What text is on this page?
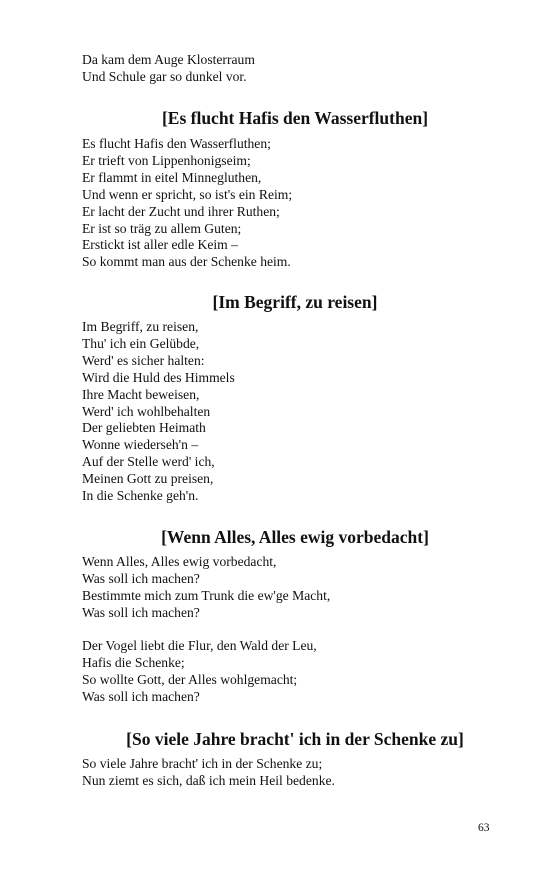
Da kam dem Auge Klosterraum
Und Schule gar so dunkel vor.
[Es flucht Hafis den Wasserfluthen]
Es flucht Hafis den Wasserfluthen;
Er trieft von Lippenhonigseim;
Er flammt in eitel Minnegluthen,
Und wenn er spricht, so ist's ein Reim;
Er lacht der Zucht und ihrer Ruthen;
Er ist so träg zu allem Guten;
Erstickt ist aller edle Keim –
So kommt man aus der Schenke heim.
[Im Begriff, zu reisen]
Im Begriff, zu reisen,
Thu' ich ein Gelübde,
Werd' es sicher halten:
Wird die Huld des Himmels
Ihre Macht beweisen,
Werd' ich wohlbehalten
Der geliebten Heimath
Wonne wiederseh'n –
Auf der Stelle werd' ich,
Meinen Gott zu preisen,
In die Schenke geh'n.
[Wenn Alles, Alles ewig vorbedacht]
Wenn Alles, Alles ewig vorbedacht,
Was soll ich machen?
Bestimmte mich zum Trunk die ew'ge Macht,
Was soll ich machen?
Der Vogel liebt die Flur, den Wald der Leu,
Hafis die Schenke;
So wollte Gott, der Alles wohlgemacht;
Was soll ich machen?
[So viele Jahre bracht' ich in der Schenke zu]
So viele Jahre bracht' ich in der Schenke zu;
Nun ziemt es sich, daß ich mein Heil bedenke.
63
